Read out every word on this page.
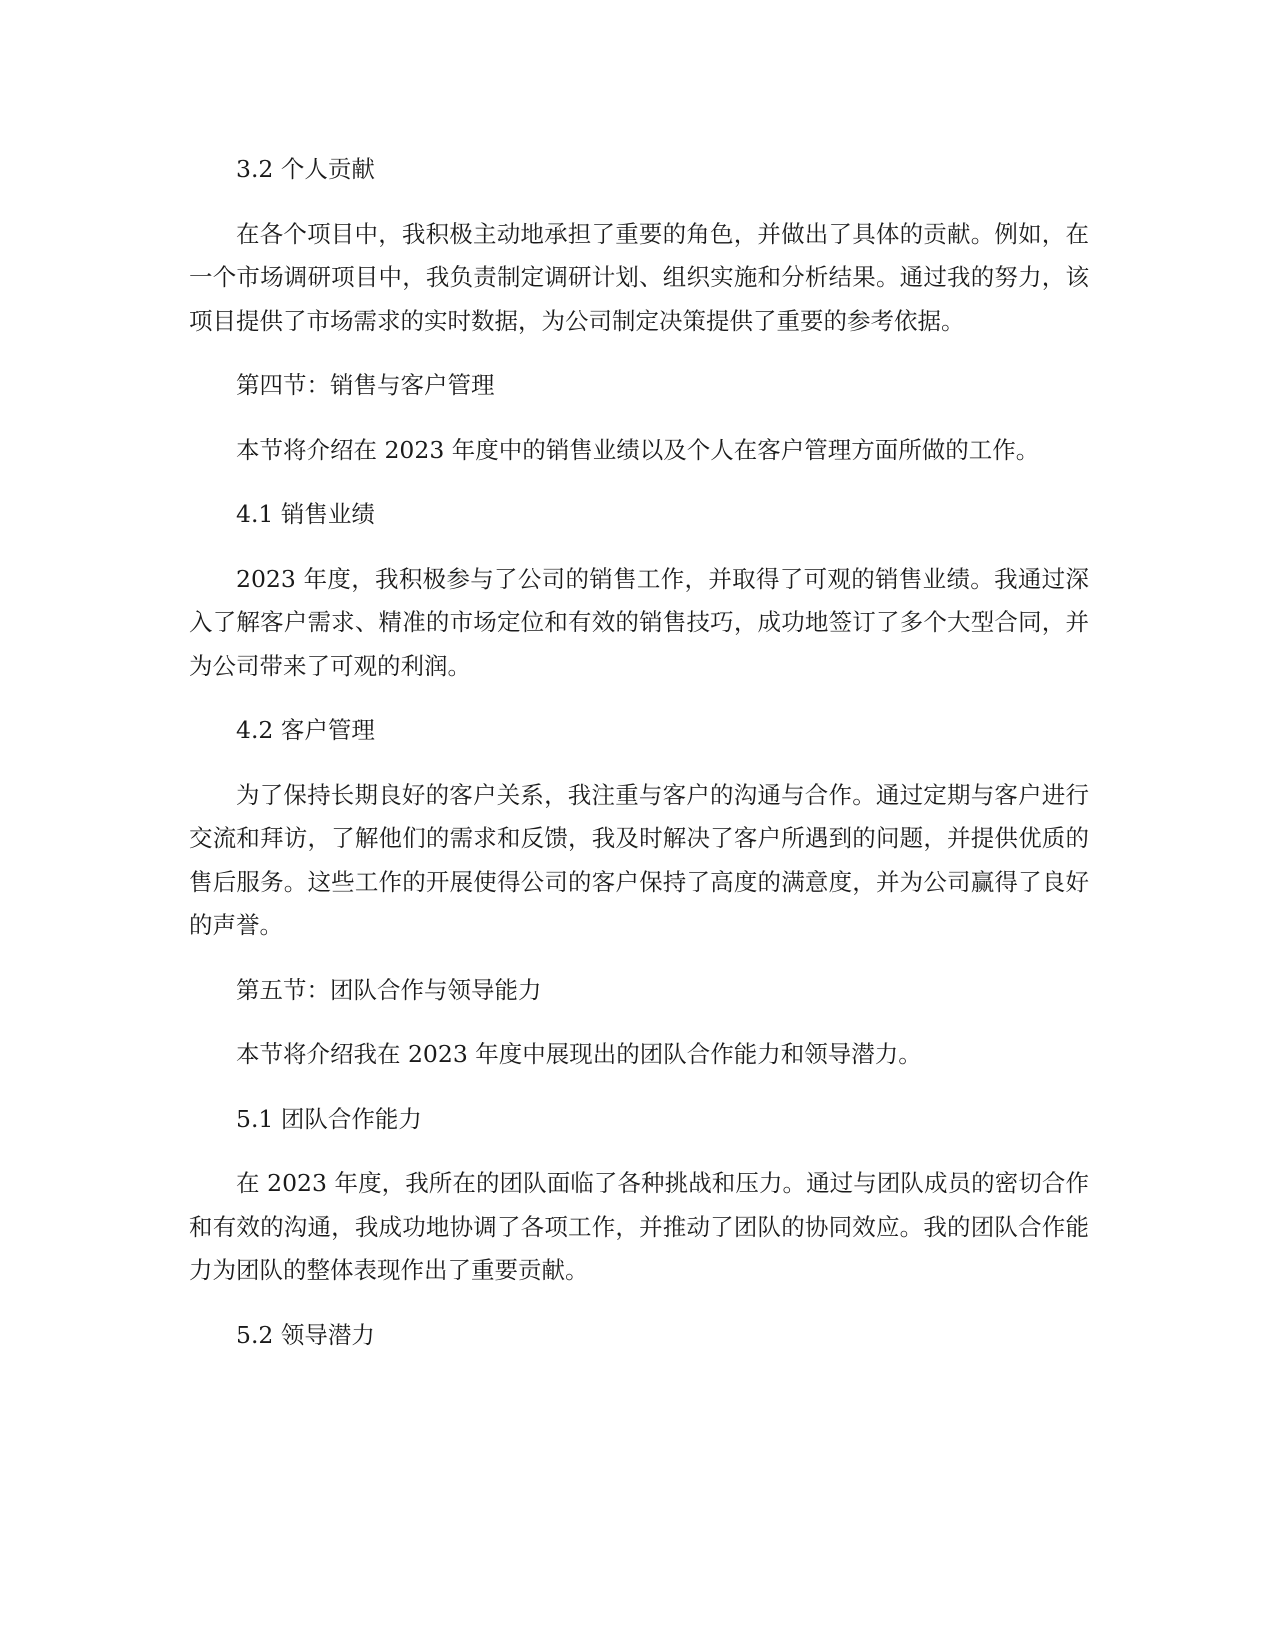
3.2 个人贡献

在各个项目中，我积极主动地承担了重要的角色，并做出了具体的贡献。例如，在一个市场调研项目中，我负责制定调研计划、组织实施和分析结果。通过我的努力，该项目提供了市场需求的实时数据，为公司制定决策提供了重要的参考依据。

第四节：销售与客户管理

本节将介绍在 2023 年度中的销售业绩以及个人在客户管理方面所做的工作。

4.1 销售业绩

2023 年度，我积极参与了公司的销售工作，并取得了可观的销售业绩。我通过深入了解客户需求、精准的市场定位和有效的销售技巧，成功地签订了多个大型合同，并为公司带来了可观的利润。

4.2 客户管理

为了保持长期良好的客户关系，我注重与客户的沟通与合作。通过定期与客户进行交流和拜访，了解他们的需求和反馈，我及时解决了客户所遇到的问题，并提供优质的售后服务。这些工作的开展使得公司的客户保持了高度的满意度，并为公司赢得了良好的声誉。

第五节：团队合作与领导能力

本节将介绍我在 2023 年度中展现出的团队合作能力和领导潜力。

5.1 团队合作能力

在 2023 年度，我所在的团队面临了各种挑战和压力。通过与团队成员的密切合作和有效的沟通，我成功地协调了各项工作，并推动了团队的协同效应。我的团队合作能力为团队的整体表现作出了重要贡献。

5.2 领导潜力
